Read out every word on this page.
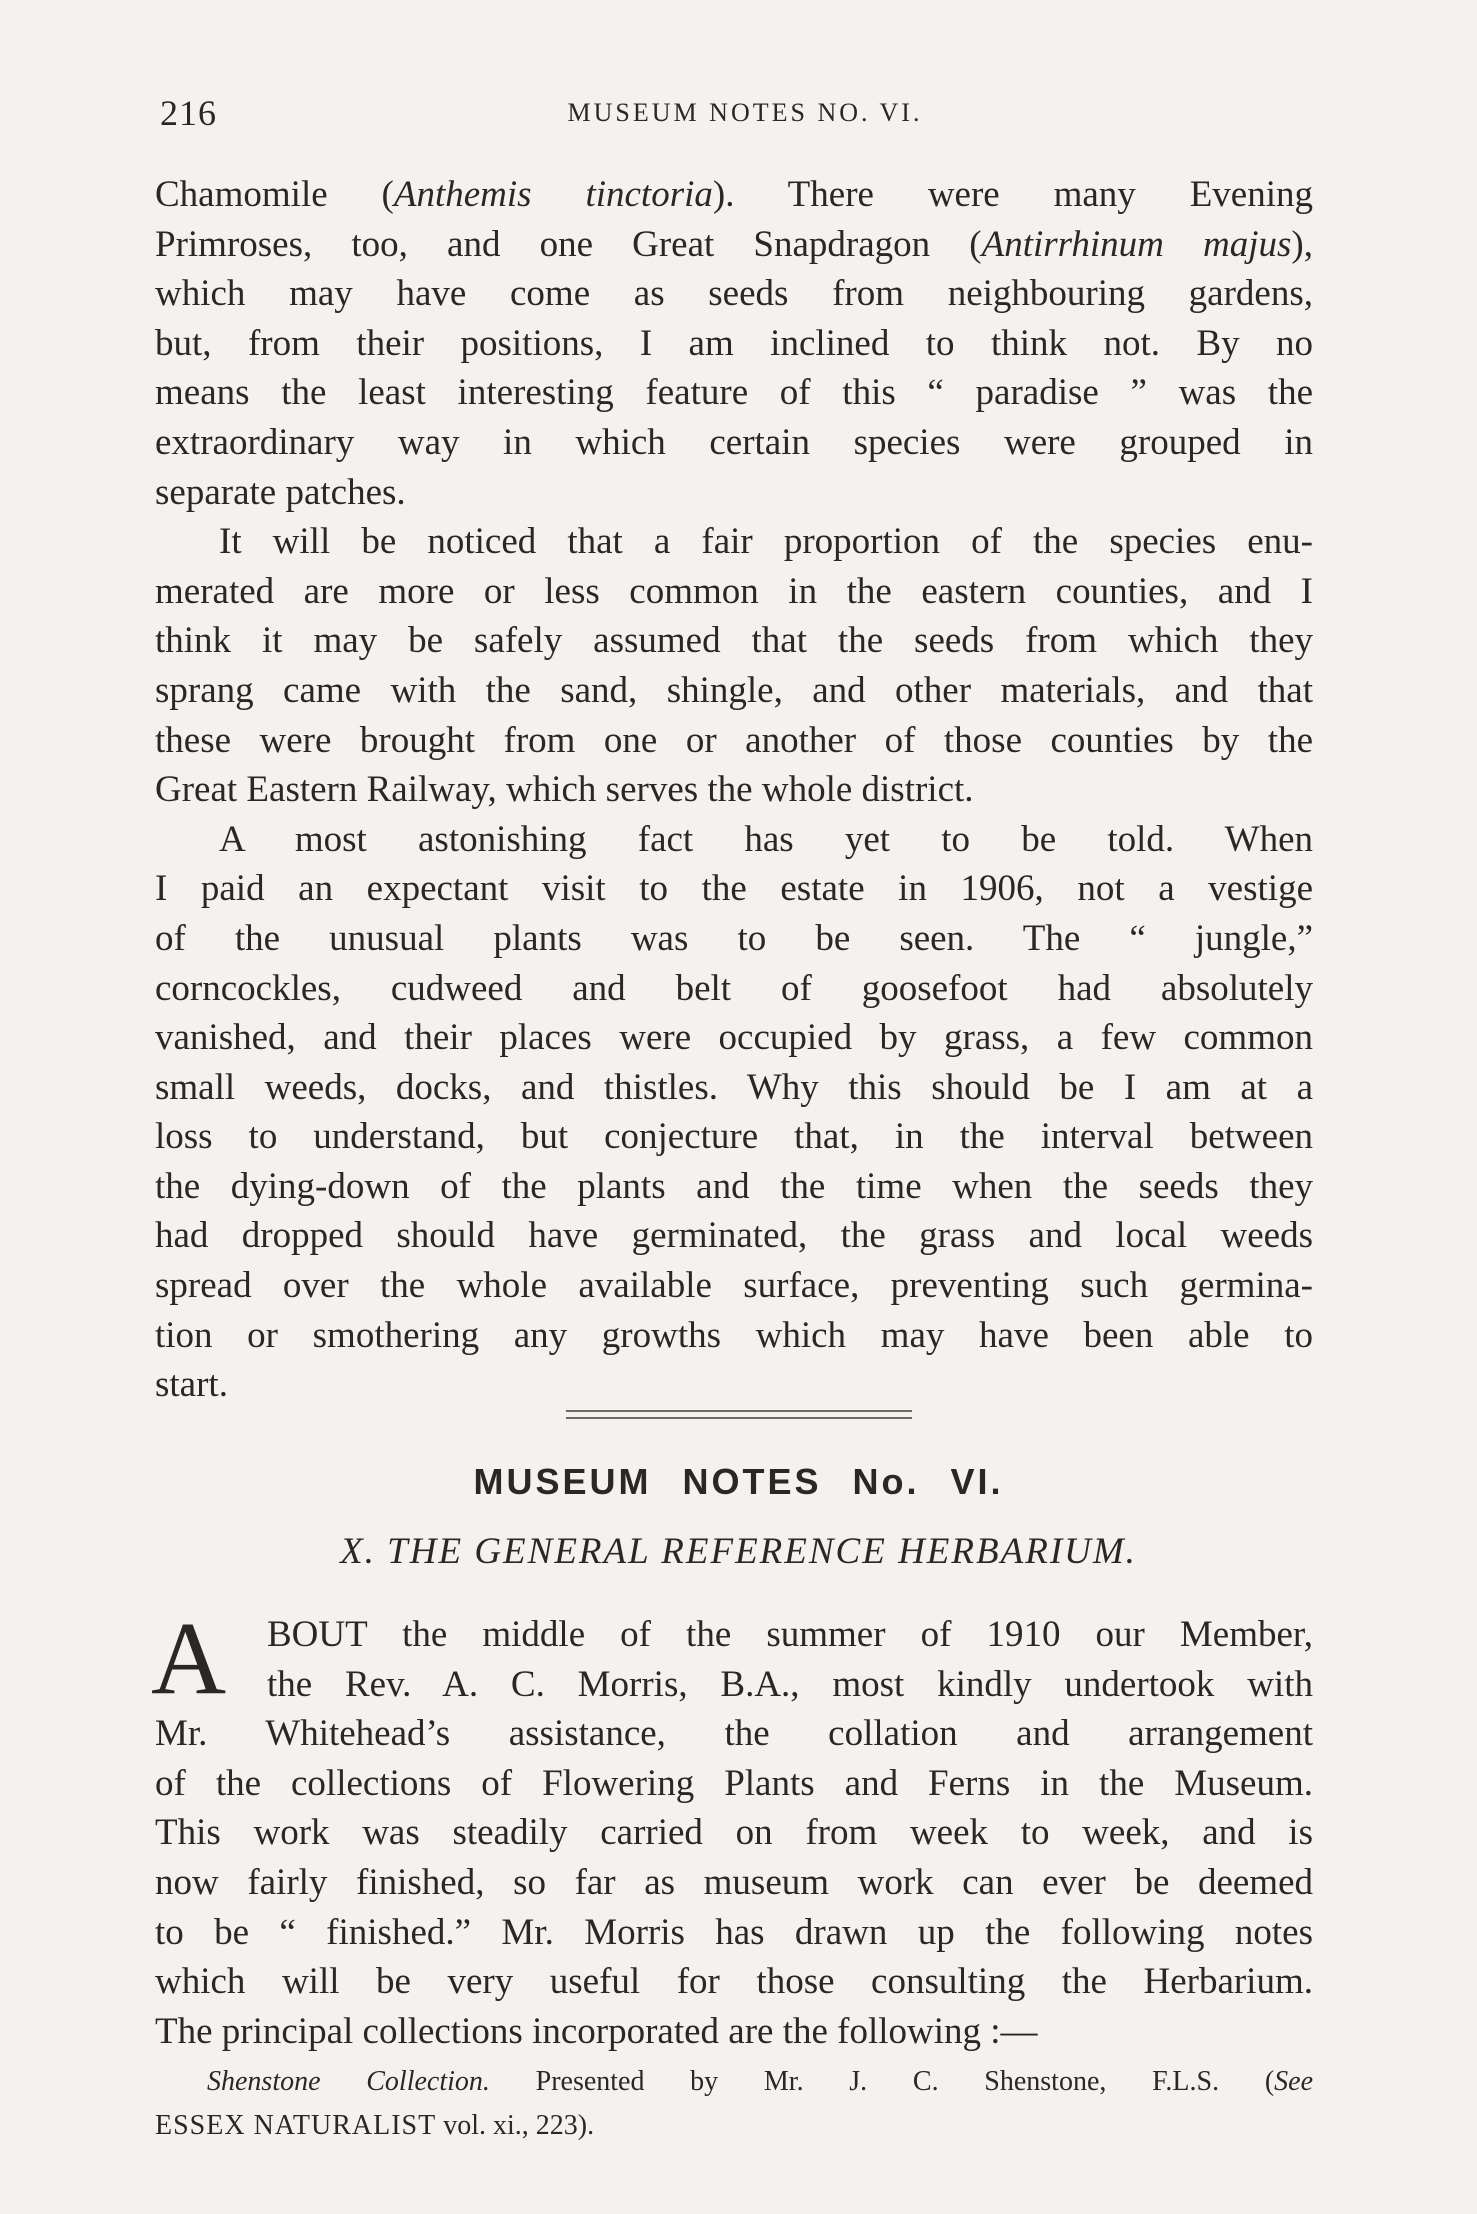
216	MUSEUM NOTES NO. VI.
Chamomile (Anthemis tinctoria). There were many Evening
Primroses, too, and one Great Snapdragon (Antirrhinum majus),
which may have come as seeds from neighbouring gardens,
but, from their positions, I am inclined to think not. By no
means the least interesting feature of this “ paradise ” was the
extraordinary way in which certain species were grouped in
separate patches.
It will be noticed that a fair proportion of the species enu-
merated are more or less common in the eastern counties, and I
think it may be safely assumed that the seeds from which they
sprang came with the sand, shingle, and other materials, and that
these were brought from one or another of those counties by the
Great Eastern Railway, which serves the whole district.
A most astonishing fact has yet to be told. When
I paid an expectant visit to the estate in 1906, not a vestige
of the unusual plants was to be seen. The “ jungle,”
corncockles, cudweed and belt of goosefoot had absolutely
vanished, and their places were occupied by grass, a few common
small weeds, docks, and thistles. Why this should be I am at a
loss to understand, but conjecture that, in the interval between
the dying-down of the plants and the time when the seeds they
had dropped should have germinated, the grass and local weeds
spread over the whole available surface, preventing such germina-
tion or smothering any growths which may have been able to
start.
MUSEUM NOTES No. VI.
X. THE GENERAL REFERENCE HERBARIUM.
A BOUT the middle of the summer of 1910 our Member,
the Rev. A. C. Morris, B.A., most kindly undertook with
Mr. Whitehead’s assistance, the collation and arrangement
of the collections of Flowering Plants and Ferns in the Museum.
This work was steadily carried on from week to week, and is
now fairly finished, so far as museum work can ever be deemed
to be “ finished.” Mr. Morris has drawn up the following notes
which will be very useful for those consulting the Herbarium.
The principal collections incorporated are the following :—
Shenstone Collection. Presented by Mr. J. C. Shenstone, F.L.S. (See
ESSEX NATURALIST vol. xi., 223).
